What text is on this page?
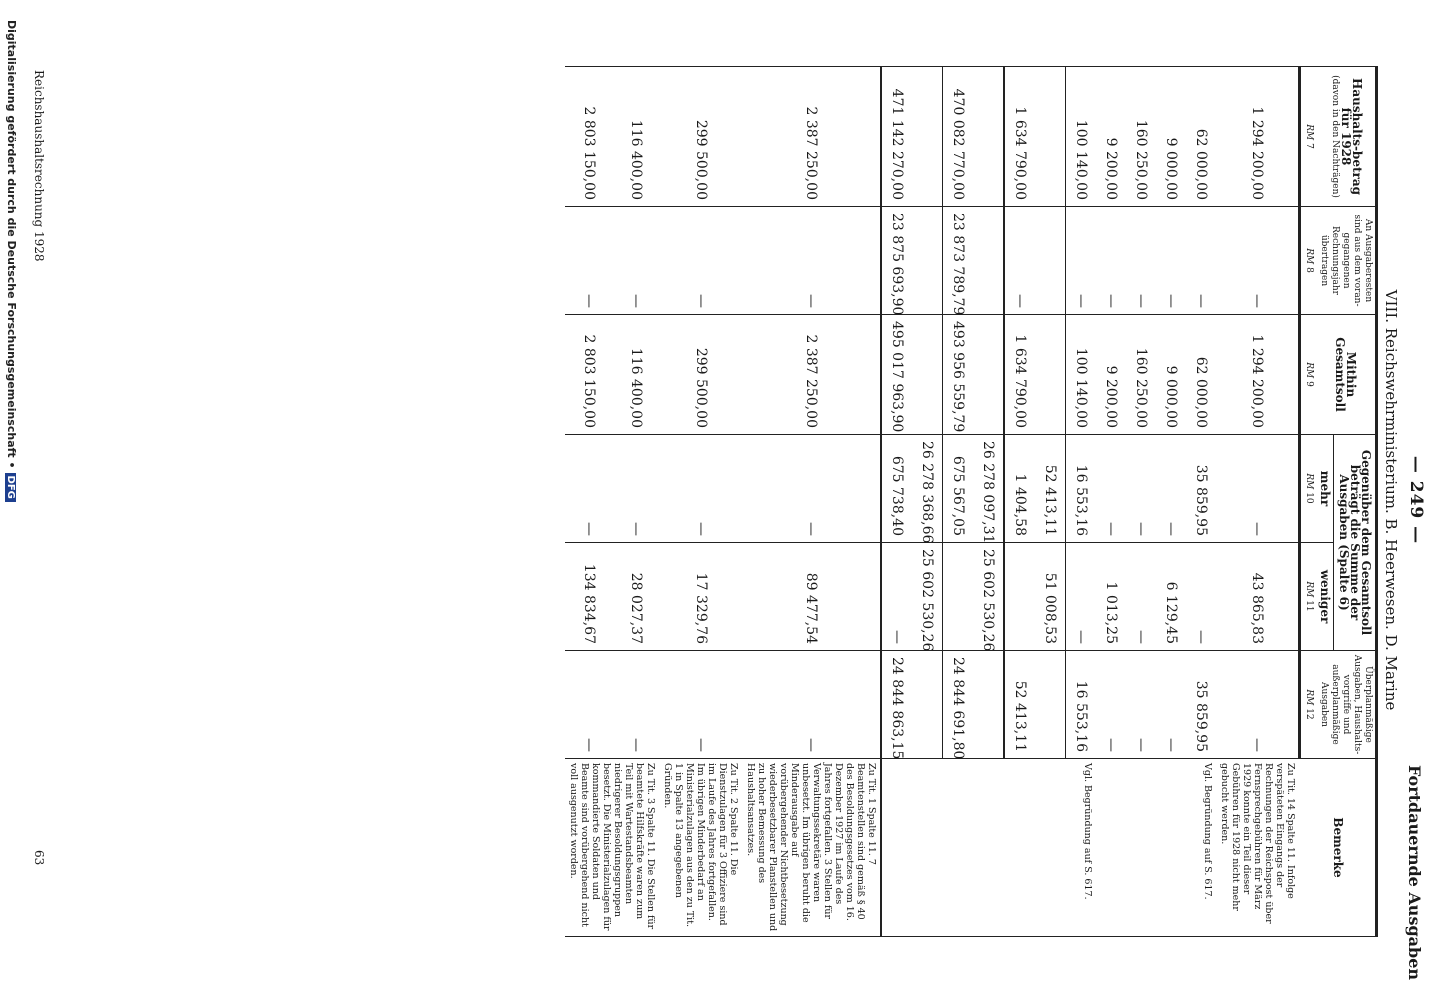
— 249 —
Fortdauernde Ausgaben
VIII. Reichswehrministerium. B. Heerwesen. D. Marine
Haushalts-betrag für 1928
(davon in den Nachträgen)	An Ausgaberesten sind aus dem voran-gegangenen Rechnungsjahr übertragen	Mithin Gesamtsoll	Gegenüber dem Gesamtsoll beträgt die Summe der Ausgaben (Spalte 6)		Überplanmäßige Ausgaben, Haushalts-vorgriffe und außerplanmäßige Ausgaben	Bemerke
			mehr	weniger		
RM 7	RM 8	RM 9	RM 10	RM 11	RM 12	
1 294 200,00	—	1 294 200,00	—	43 865,83	—	Zu Tit. 14 Spalte 11. Infolge verspäteten Eingangs der Rechnungen der Reichspost über Fernsprechgebühren für März 1929 konnte ein Teil dieser Gebühren für 1928 nicht mehr gebucht werden.
62 000,00	—	62 000,00	35 859,95	—	35 859,95	Vgl. Begründung auf S. 617.
9 000,00	—	9 000,00	—	6 129,45	—	
160 250,00	—	160 250,00	—	—	—	
9 200,00	—	9 200,00	—	1 013,25	—	
100 140,00	—	100 140,00	16 553,16	—	16 553,16	Vgl. Begründung auf S. 617.
			52 413,11	51 008,53		
1 634 790,00	—	1 634 790,00	1 404,58		52 413,11	
			26 278 097,31	25 602 530,26		
470 082 770,00	23 873 789,79	493 956 559,79	675 567,05		24 844 691,80	
			26 278 368,66	25 602 530,26		
471 142 270,00	23 875 693,90	495 017 963,90	675 738,40	—	24 844 863,15	
2 387 250,00	—	2 387 250,00	—	89 477,54	—	Zu Tit. 1 Spalte 11. 7 Beamtenstellen sind gemäß § 40 des Besoldungsgesetzes vom 16. Dezember 1927 im Laufe des Jahres fortgefallen. 3 Stellen für Verwaltungssekretäre waren unbesetzt. Im übrigen beruht die Minderausgabe auf vorübergehender Nichtbesetzung wiederbesetzbarer Planstellen und zu hoher Bemessung des Haushaltsansatzes.
299 500,00	—	299 500,00	—	17 329,76	—	Zu Tit. 2 Spalte 11. Die Dienstzulagen für 3 Offiziere sind im Laufe des Jahres fortgefallen. Im übrigen Minderbedarf an Ministerialzulagen aus den zu Tit. 1 in Spalte 13 angegebenen Gründen.
116 400,00	—	116 400,00	—	28 027,37	—	Zu Tit. 3 Spalte 11. Die Stellen für beamtete Hilfskräfte waren zum Teil mit Wartestandsbeamten niedrigerer Besoldungsgruppen besetzt. Die Ministerialzulagen für kommandierte Soldaten und Beamte sind vorübergehend nicht voll ausgenutzt worden.
2 803 150,00	—	2 803 150,00	—	134 834,67	—	
Reichshaushaltsrechnung 1928
63
Digitalisierung gefördert durch die Deutsche Forschungsgemeinschaft •DFG
